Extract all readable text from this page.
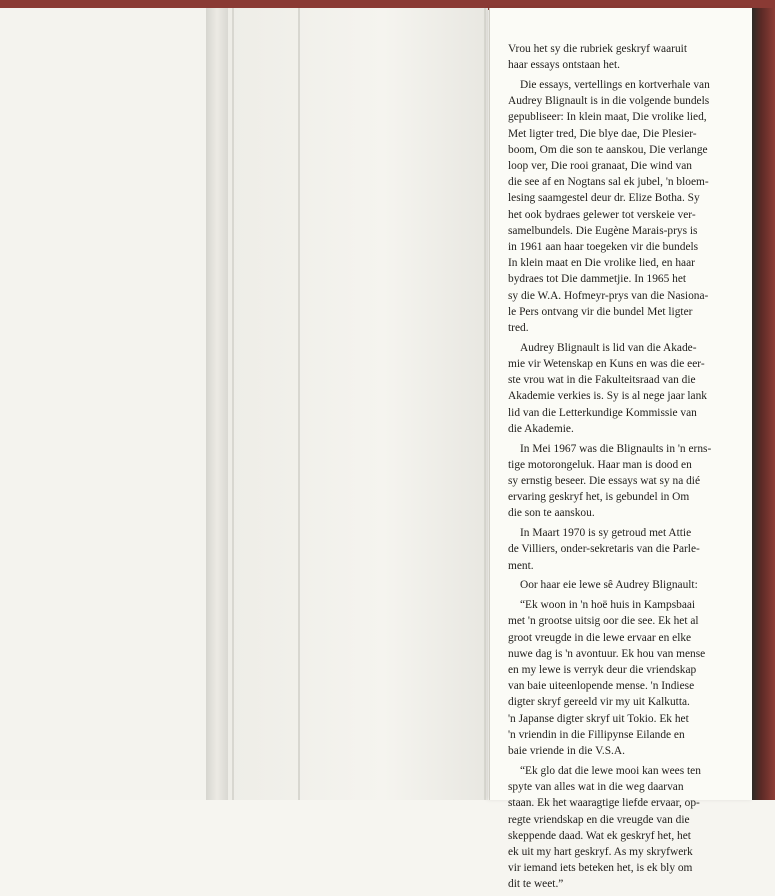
Vrou het sy die rubriek geskryf waaruit
haar essays ontstaan het.

Die essays, vertellings en kortverhale van
Audrey Blignault is in die volgende bundels
gepubliseer: In klein maat, Die vrolike lied,
Met ligter tred, Die blye dae, Die Plesier-
boom, Om die son te aanskou, Die verlange
loop ver, Die rooi granaat, Die wind van
die see af en Nogtans sal ek jubel, 'n bloem-
lesing saamgestel deur dr. Elize Botha. Sy
het ook bydraes gelewer tot verskeie ver-
samelbundels. Die Eugène Marais-prys is
in 1961 aan haar toegeken vir die bundels
In klein maat en Die vrolike lied, en haar
bydraes tot Die dammetjie. In 1965 het
sy die W.A. Hofmeyr-prys van die Nasiona-
le Pers ontvang vir die bundel Met ligter
tred.

Audrey Blignault is lid van die Akade-
mie vir Wetenskap en Kuns en was die eer-
ste vrou wat in die Fakulteitsraad van die
Akademie verkies is. Sy is al nege jaar lank
lid van die Letterkundige Kommissie van
die Akademie.

In Mei 1967 was die Blignaults in 'n erns-
tige motorongeluk. Haar man is dood en
sy ernstig beseer. Die essays wat sy na dié
ervaring geskryf het, is gebundel in Om
die son te aanskou.

In Maart 1970 is sy getroud met Attie
de Villiers, onder-sekretaris van die Parle-
ment.

Oor haar eie lewe sê Audrey Blignault:

“Ek woon in 'n hoë huis in Kampsbaai
met 'n grootse uitsig oor die see. Ek het al
groot vreugde in die lewe ervaar en elke
nuwe dag is 'n avontuur. Ek hou van mense
en my lewe is verryk deur die vriendskap
van baie uiteenlopende mense. 'n Indiese
digter skryf gereeld vir my uit Kalkutta.
'n Japanse digter skryf uit Tokio. Ek het
'n vriendin in die Fillipynse Eilande en
baie vriende in die V.S.A.

“Ek glo dat die lewe mooi kan wees ten
spyte van alles wat in die weg daarvan
staan. Ek het waaragtige liefde ervaar, op-
regte vriendskap en die vreugde van die
skeppende daad. Wat ek geskryf het, het
ek uit my hart geskryf. As my skryfwerk
vir iemand iets beteken het, is ek bly om
dit te weet.”
